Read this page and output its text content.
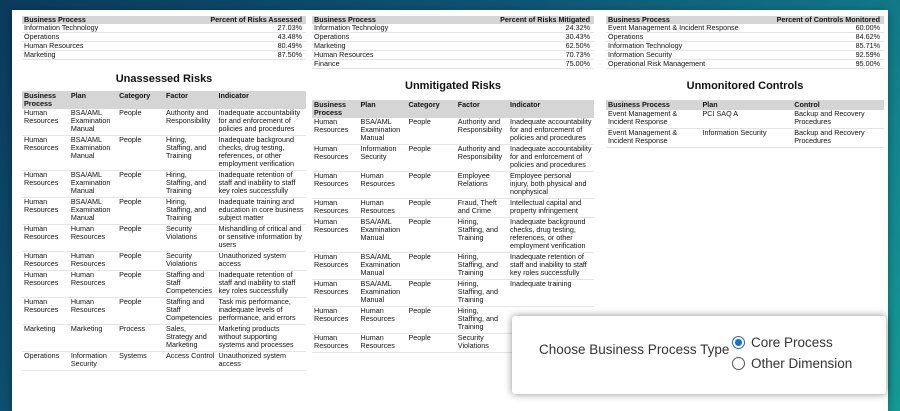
Business Process	Percent of Risks Assessed
Information Technology	27.03%
Operations	43.48%
Human Resources	80.49%
Marketing	87.50%
Unassessed Risks
Business Process	Plan	Category	Factor	Indicator
Human Resources	BSA/AML Examination Manual	People	Authority and Responsibility	Inadequate accountability for and enforcement of policies and procedures
Human Resources	BSA/AML Examination Manual	People	Hiring, Staffing, and Training	Inadequate background checks, drug testing, references, or other employment verification
Human Resources	BSA/AML Examination Manual	People	Hiring, Staffing, and Training	Inadequate retention of staff and inability to staff key roles successfully
Human Resources	BSA/AML Examination Manual	People	Hiring, Staffing, and Training	Inadequate training and education in core business subject matter
Human Resources	Human Resources	People	Security Violations	Mishandling of critical and or sensitive information by users
Human Resources	Human Resources	People	Security Violations	Unauthorized system access
Human Resources	Human Resources	People	Staffing and Staff Competencies	Inadequate retention of staff and inability to staff key roles successfully
Human Resources	Human Resources	People	Staffing and Staff Competencies	Task mis performance, inadequate levels of performance, and errors
Marketing	Marketing	Process	Sales, Strategy and Marketing	Marketing products without supporting systems and processes
Operations	Information Security	Systems	Access Control	Unauthorized system access
Business Process	Percent of Risks Mitigated
Information Technology	24.32%
Operations	30.43%
Marketing	62.50%
Human Resources	70.73%
Finance	75.00%
Unmitigated Risks
Business Process	Plan	Category	Factor	Indicator
Human Resources	BSA/AML Examination Manual	People	Authority and Responsibility	Inadequate accountability for and enforcement of policies and procedures
Human Resources	Information Security	People	Authority and Responsibility	Inadequate accountability for and enforcement of policies and procedures
Human Resources	Human Resources	People	Employee Relations	Employee personal injury, both physical and nonphysical
Human Resources	Human Resources	People	Fraud, Theft and Crime	Intellectual capital and property infringement
Human Resources	BSA/AML Examination Manual	People	Hiring, Staffing, and Training	Inadequate background checks, drug testing, references, or other employment verification
Human Resources	BSA/AML Examination Manual	People	Hiring, Staffing, and Training	Inadequate retention of staff and inability to staff key roles successfully
Human Resources	BSA/AML Examination Manual	People	Hiring, Staffing, and Training	Inadequate training
Human Resources	Human Resources	People	Hiring, Staffing, and Training	
Human Resources	Human Resources	People	Security Violations	
Business Process	Percent of Controls Monitored
Event Management & Incident Response	60.00%
Operations	84.62%
Information Technology	85.71%
Information Security	92.59%
Operational Risk Management	95.00%
Unmonitored Controls
Business Process	Plan	Control
Event Management & Incident Response	PCI SAQ A	Backup and Recovery Procedures
Event Management & Incident Response	Information Security	Backup and Recovery Procedures
Choose Business Process Type Core Process
Other Dimension
